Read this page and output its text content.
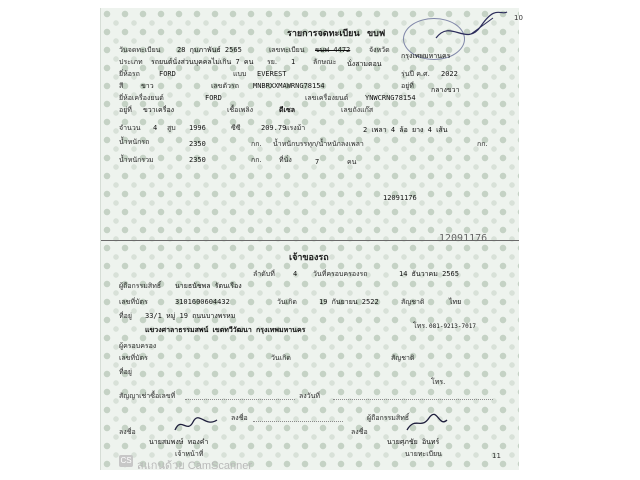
รายการจดทะเบียน ขบฟ
วันจดทะเบียน 28 กุมภาพันธ์ 2565	เลขทะเบียน ขบฟ 4472	จังหวัด
กรุงเทพมหานคร
ประเภท รถยนต์นั่งส่วนบุคคลไม่เกิน 7 คน รย. 1	ลักษณะ นั่งสามตอน
ยี่ห้อรถ	FORD	แบบ EVEREST	รุ่นปี ค.ศ. 2022
สี	ขาว	เลขตัวรถ MNBRXXMAWRNG78154	อยู่ที่ กลางขวา
ยี่ห้อเครื่องยนต์	FORD	เลขเครื่องยนต์ YNWCRNG78154
อยู่ที่ ขวาเครื่อง	เชื้อเพลิง	ดีเซล	เลขถังแก๊ส
จำนวน 4 สูบ 1996	ซีซี	209.79
แรงม้า	2 เพลา 4 ล้อ ยาง 4 เส้น
น้ำหนักรถ	2350	กก. น้ำหนักบรรทุก/น้ำหนักลงเพลา	กก.
น้ำหนักรวม	2350	กก. ที่นั่ง	7	คน
12091176
12091176
เจ้าของรถ
ลำดับที่	4 วันที่ครอบครองรถ	14 ธันวาคม 2565
ผู้ถือกรรมสิทธิ์ นายธนัชพล รัตนเรือง
เลขที่บัตร	3101600604432	วันเกิด	19 กันยายน 2522	สัญชาติ	ไทย
ที่อยู่ 33/1 หมู่ 19 ถนนบางพรหม
แขวงศาลาธรรมสพน์ เขตทวีวัฒนา กรุงเทพมหานคร	โทร. 081-9213-7017
ผู้ครอบครอง
เลขที่บัตร	วันเกิด	สัญชาติ
ที่อยู่
โทร.
สัญญาเช่าซื้อเลขที่	ลงวันที่
ลงชื่อ	ผู้ถือกรรมสิทธิ์
ลงชื่อ
นายสมพงษ์ ทองคำ
เจ้าหน้าที่
ลงชื่อ
นายศุภชัย อินทร์
นายทะเบียน
CS สแกนด้วย CamScanner
10
11
